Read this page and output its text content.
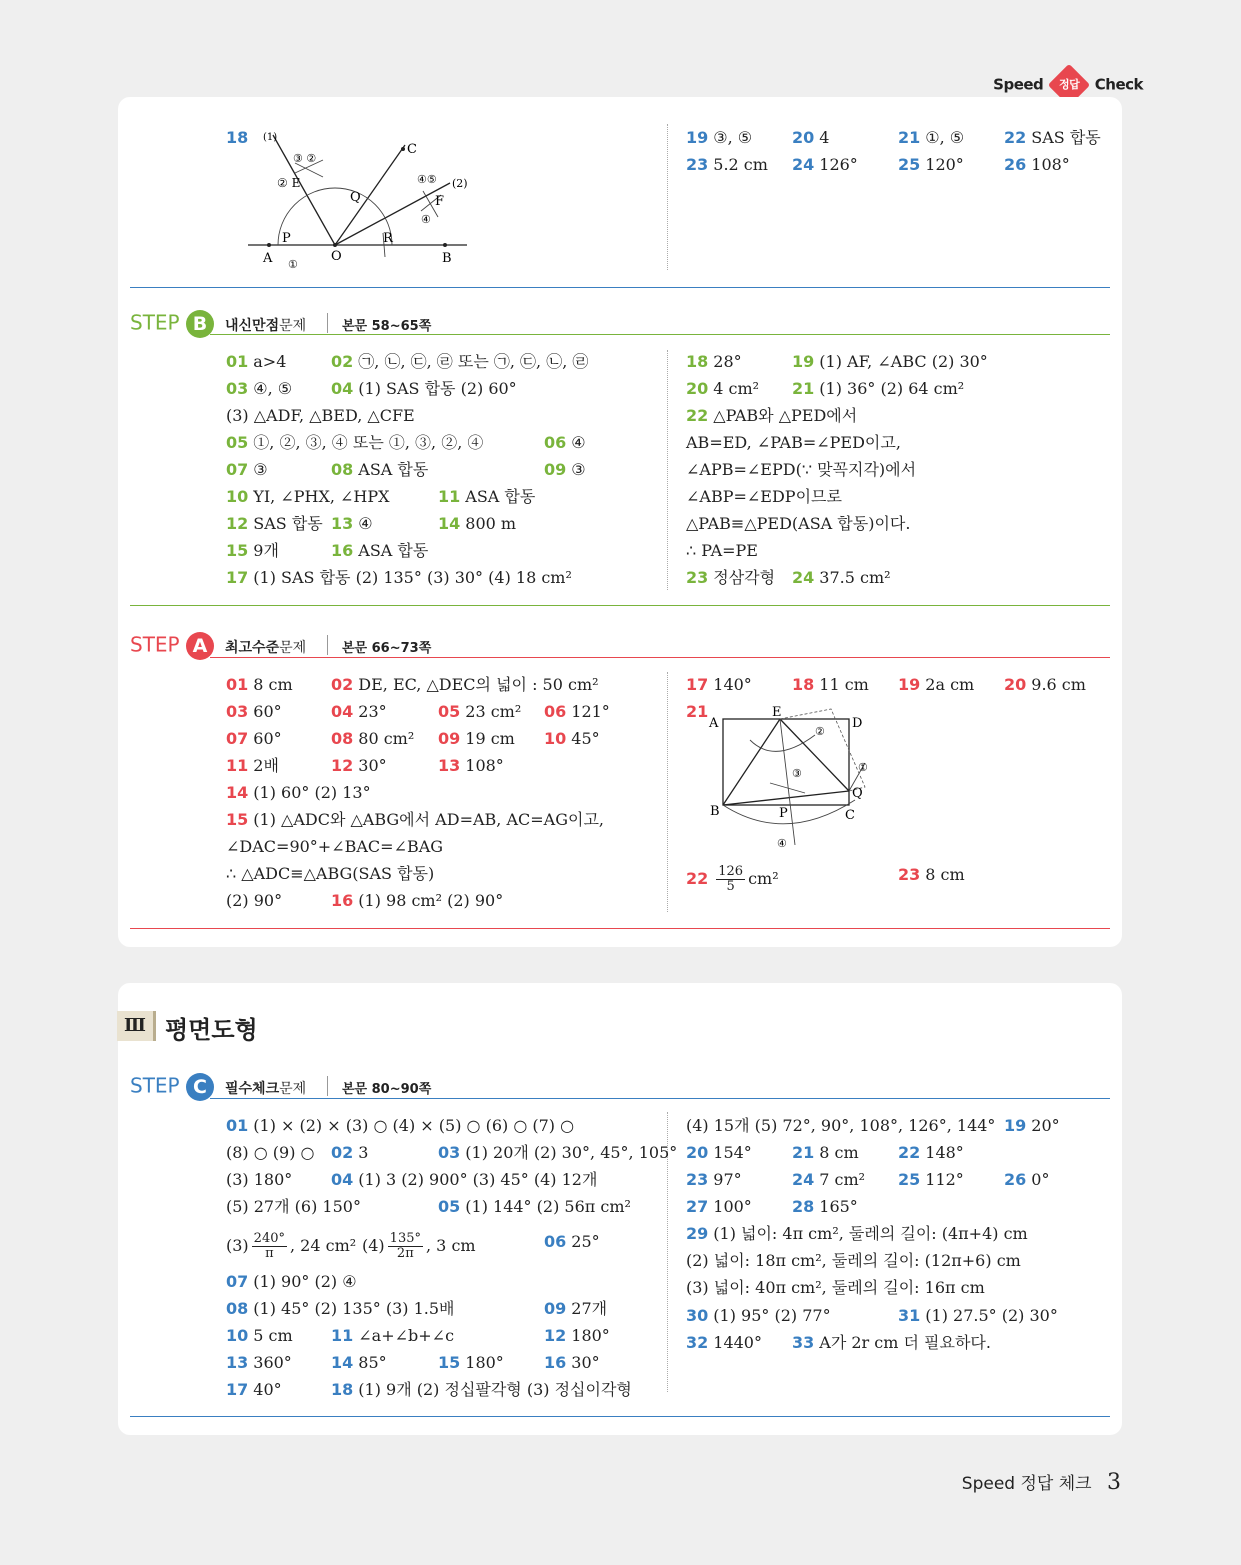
Speed 정답 Check
18	(1)
③ ②
② E
C
Q
④⑤ (2)
F
④
P	R
A	O	B
①
STEP B	내신만점문제	본문 58~65쪽
STEP A	최고수준문제	본문 66~73쪽
A
E
D
B	P	C
Q
①
②
③
④
Ⅲ 평면도형
STEP C	필수체크문제	본문 80~90쪽
Speed 정답 체크 3
19 ③, ⑤ 20 4	21 ①, ⑤ 22 SAS 합동
23 5.2 cm 24 126°	25 120°	26 108°
01 a>4	02 ㉠, ㉡, ㉢, ㉣ 또는 ㉠, ㉢, ㉡, ㉣
03 ④, ⑤ 04 (1) SAS 합동 (2) 60°
(3) △ADF, △BED, △CFE
05 ①, ②, ③, ④ 또는 ①, ③, ②, ④	06 ④
07 ③	08 ASA 합동	09 ③
10 YI, ∠PHX, ∠HPX	11 ASA 합동
12 SAS 합동 13 ④	14 800 m
15 9개	16 ASA 합동
17 (1) SAS 합동 (2) 135° (3) 30° (4) 18 cm²
18 28°	19 (1) AF, ∠ABC (2) 30°
20 4 cm² 21 (1) 36° (2) 64 cm²
22 △PAB와 △PED에서
AB=ED, ∠PAB=∠PED이고,
∠APB=∠EPD(∵ 맞꼭지각)에서
∠ABP=∠EDP이므로
△PAB≡△PED(ASA 합동)이다.
∴ PA=PE
23 정삼각형 24 37.5 cm²
01 8 cm 02 DE, EC, △DEC의 넓이 : 50 cm²
03 60°	04 23°	05 23 cm² 06 121°
07 60°	08 80 cm² 09 19 cm 10 45°
11 2배	12 30°	13 108°
14 (1) 60° (2) 13°
15 (1) △ADC와 △ABG에서 AD=AB, AC=AG이고,
∠DAC=90°+∠BAC=∠BAG
∴ △ADC≡△ABG(SAS 합동)
(2) 90°	16 (1) 98 cm² (2) 90°
17 140°	18 11 cm 19 2a cm 20 9.6 cm
21
$22 \frac{126}{5} cm^2$	23 8 cm
01 (1) × (2) × (3) ○ (4) × (5) ○ (6) ○ (7) ○
(8) ○ (9) ○ 02 3	03 (1) 20개 (2) 30°, 45°, 105°
(3) 180° 04 (1) 3 (2) 900° (3) 45° (4) 12개
(5) 27개 (6) 150°	05 (1) 144° (2) 56π cm²
$(3) \frac{240^\circ}{\pi}$ , 24 cm² $(4) \frac{135^\circ}{2\pi}$ , 3 cm	06 25°
07 (1) 90° (2) ④
08 (1) 45° (2) 135° (3) 1.5배	09 27개
10 5 cm 11 ∠a+∠b+∠c	12 180°
13 360° 14 85°	15 180°	16 30°
17 40°	18 (1) 9개 (2) 정십팔각형 (3) 정십이각형
(4) 15개 (5) 72°, 90°, 108°, 126°, 144° 19 20°
20 154°	21 8 cm 22 148°
23 97°	24 7 cm² 25 112°	26 0°
27 100°	28 165°
29 (1) 넓이: 4π cm², 둘레의 길이: (4π+4) cm
(2) 넓이: 18π cm², 둘레의 길이: (12π+6) cm
(3) 넓이: 40π cm², 둘레의 길이: 16π cm
30 (1) 95° (2) 77°	31 (1) 27.5° (2) 30°
32 1440° 33 A가 2r cm 더 필요하다.
